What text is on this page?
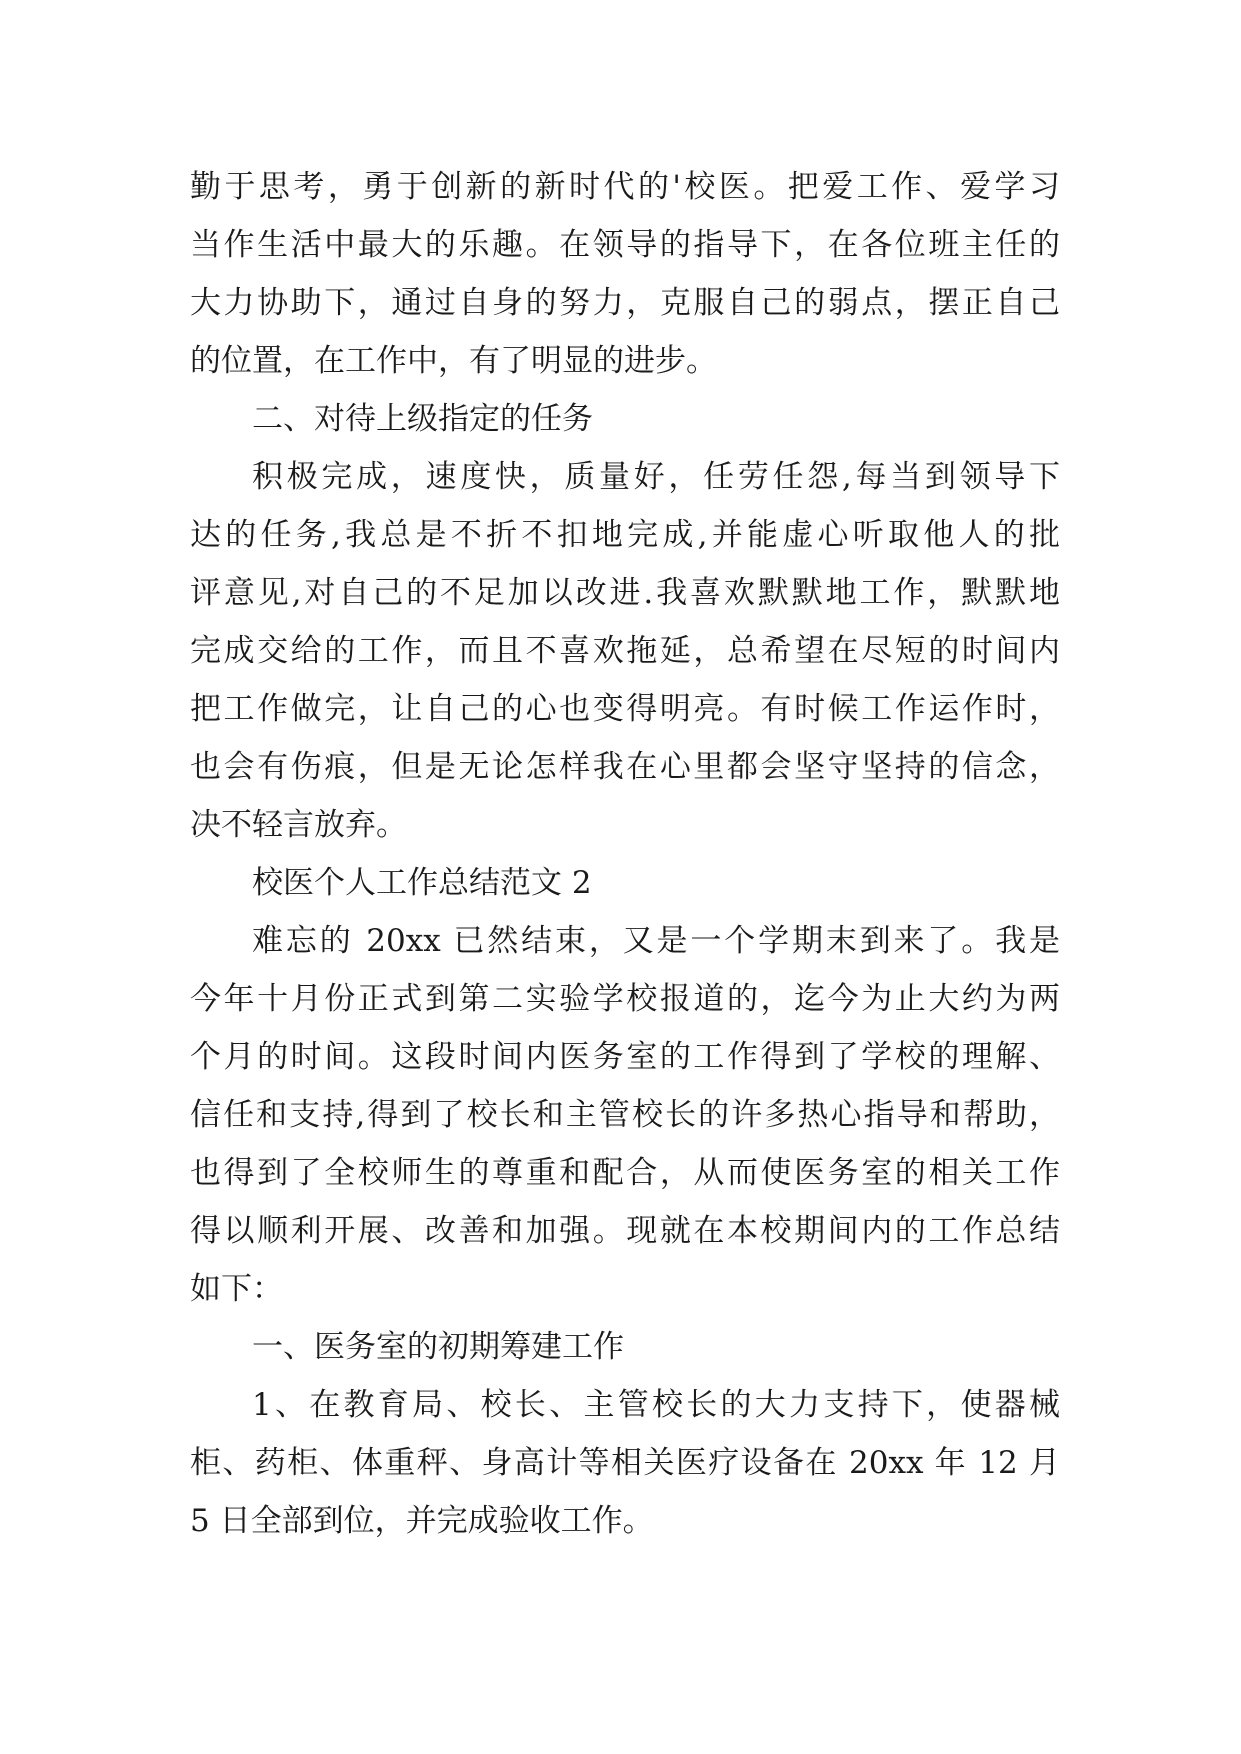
勤于思考，勇于创新的新时代的'校医。把爱工作、爱学习
当作生活中最大的乐趣。在领导的指导下，在各位班主任的
大力协助下，通过自身的努力，克服自己的弱点，摆正自己
的位置，在工作中，有了明显的进步。
二、对待上级指定的任务
积极完成，速度快，质量好，任劳任怨,每当到领导下
达的任务,我总是不折不扣地完成,并能虚心听取他人的批
评意见,对自己的不足加以改进.我喜欢默默地工作，默默地
完成交给的工作，而且不喜欢拖延，总希望在尽短的时间内
把工作做完，让自己的心也变得明亮。有时候工作运作时，
也会有伤痕，但是无论怎样我在心里都会坚守坚持的信念，
决不轻言放弃。
校医个人工作总结范文 2
难忘的 20xx 已然结束，又是一个学期末到来了。我是
今年十月份正式到第二实验学校报道的，迄今为止大约为两
个月的时间。这段时间内医务室的工作得到了学校的理解、
信任和支持,得到了校长和主管校长的许多热心指导和帮助，
也得到了全校师生的尊重和配合，从而使医务室的相关工作
得以顺利开展、改善和加强。现就在本校期间内的工作总结
如下：
一、医务室的初期筹建工作
1、在教育局、校长、主管校长的大力支持下，使器械
柜、药柜、体重秤、身高计等相关医疗设备在 20xx 年 12 月
5 日全部到位，并完成验收工作。
